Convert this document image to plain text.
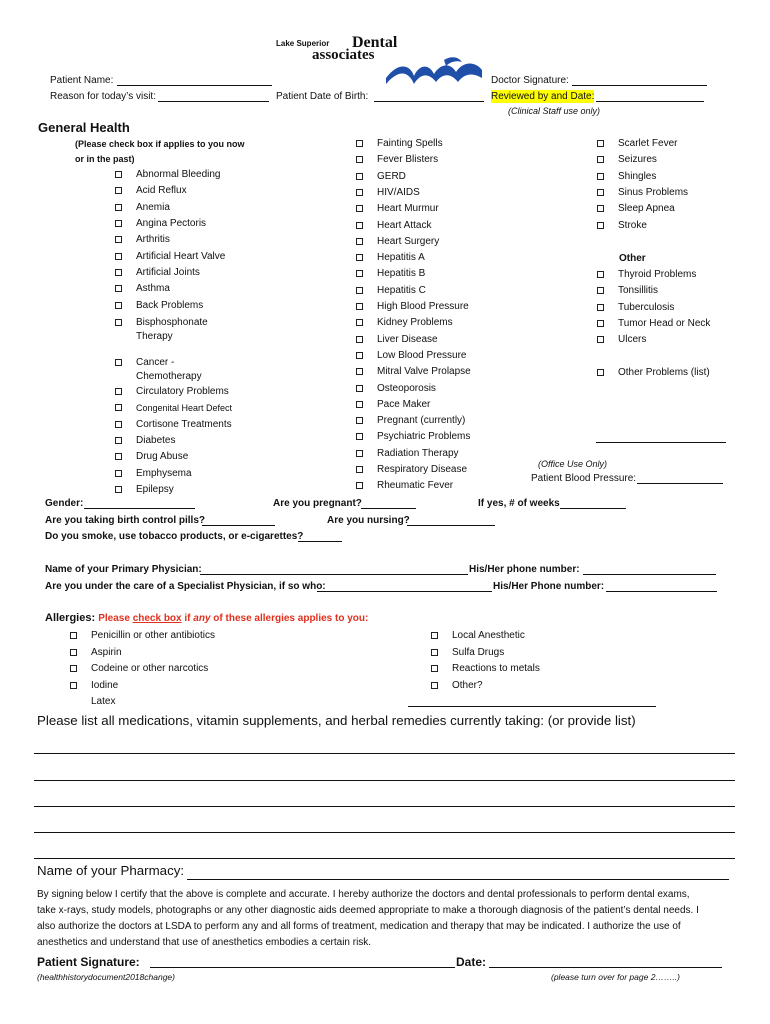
Lake Superior Dental
associates
Patient Name:
Reason for today’s visit:	Patient Date of Birth:
Doctor Signature:
Reviewed by and Date:
(Clinical Staff use only)
General Health
(Please check box if applies to you now
or in the past)
Abnormal Bleeding
Acid Reflux
Anemia
Angina Pectoris
Arthritis
Artificial Heart Valve
Artificial Joints
Asthma
Back Problems
Circulatory Problems
Congenital Heart Defect
Cortisone Treatments
Diabetes
Drug Abuse
Emphysema
Epilepsy
Fainting Spells
Fever Blisters
GERD
HIV/AIDS
Heart Murmur
Heart Attack
Heart Surgery
Hepatitis A
Hepatitis B
Hepatitis C
High Blood Pressure
Kidney Problems
Liver Disease
Low Blood Pressure
Mitral Valve Prolapse
Osteoporosis
Pace Maker
Pregnant (currently)
Psychiatric Problems
Radiation Therapy
Respiratory Disease
Rheumatic Fever
Scarlet Fever
Seizures
Shingles
Sinus Problems
Sleep Apnea
Stroke
Thyroid Problems
Tonsillitis
Tuberculosis
Tumor Head or Neck
Ulcers
Bisphosphonate
Therapy
Cancer -
Chemotherapy
Other
Other Problems (list)
(Office Use Only)
Patient Blood Pressure:
Gender:	Are you pregnant?	If yes, # of weeks
Are you taking birth control pills?	Are you nursing?
Do you smoke, use tobacco products, or e-cigarettes?
Name of your Primary Physician:	His/Her phone number:
Are you under the care of a Specialist Physician, if so who:	His/Her Phone number:
Allergies: Please check box if any of these allergies applies to you:
Penicillin or other antibiotics
Aspirin
Codeine or other narcotics
Iodine
Local Anesthetic
Sulfa Drugs
Reactions to metals
Other?
Latex
Please list all medications, vitamin supplements, and herbal remedies currently taking: (or provide list)
Name of your Pharmacy:
By signing below I certify that the above is complete and accurate. I hereby authorize the doctors and dental professionals to perform dental exams,
take x-rays, study models, photographs or any other diagnostic aids deemed appropriate to make a thorough diagnosis of the patient’s dental needs. I
also authorize the doctors at LSDA to perform any and all forms of treatment, medication and therapy that may be indicated. I authorize the use of
anesthetics and understand that use of anesthetics embodies a certain risk.
Patient Signature:	Date:
(healthhistorydocument2018change)	(please turn over for page 2……..)
